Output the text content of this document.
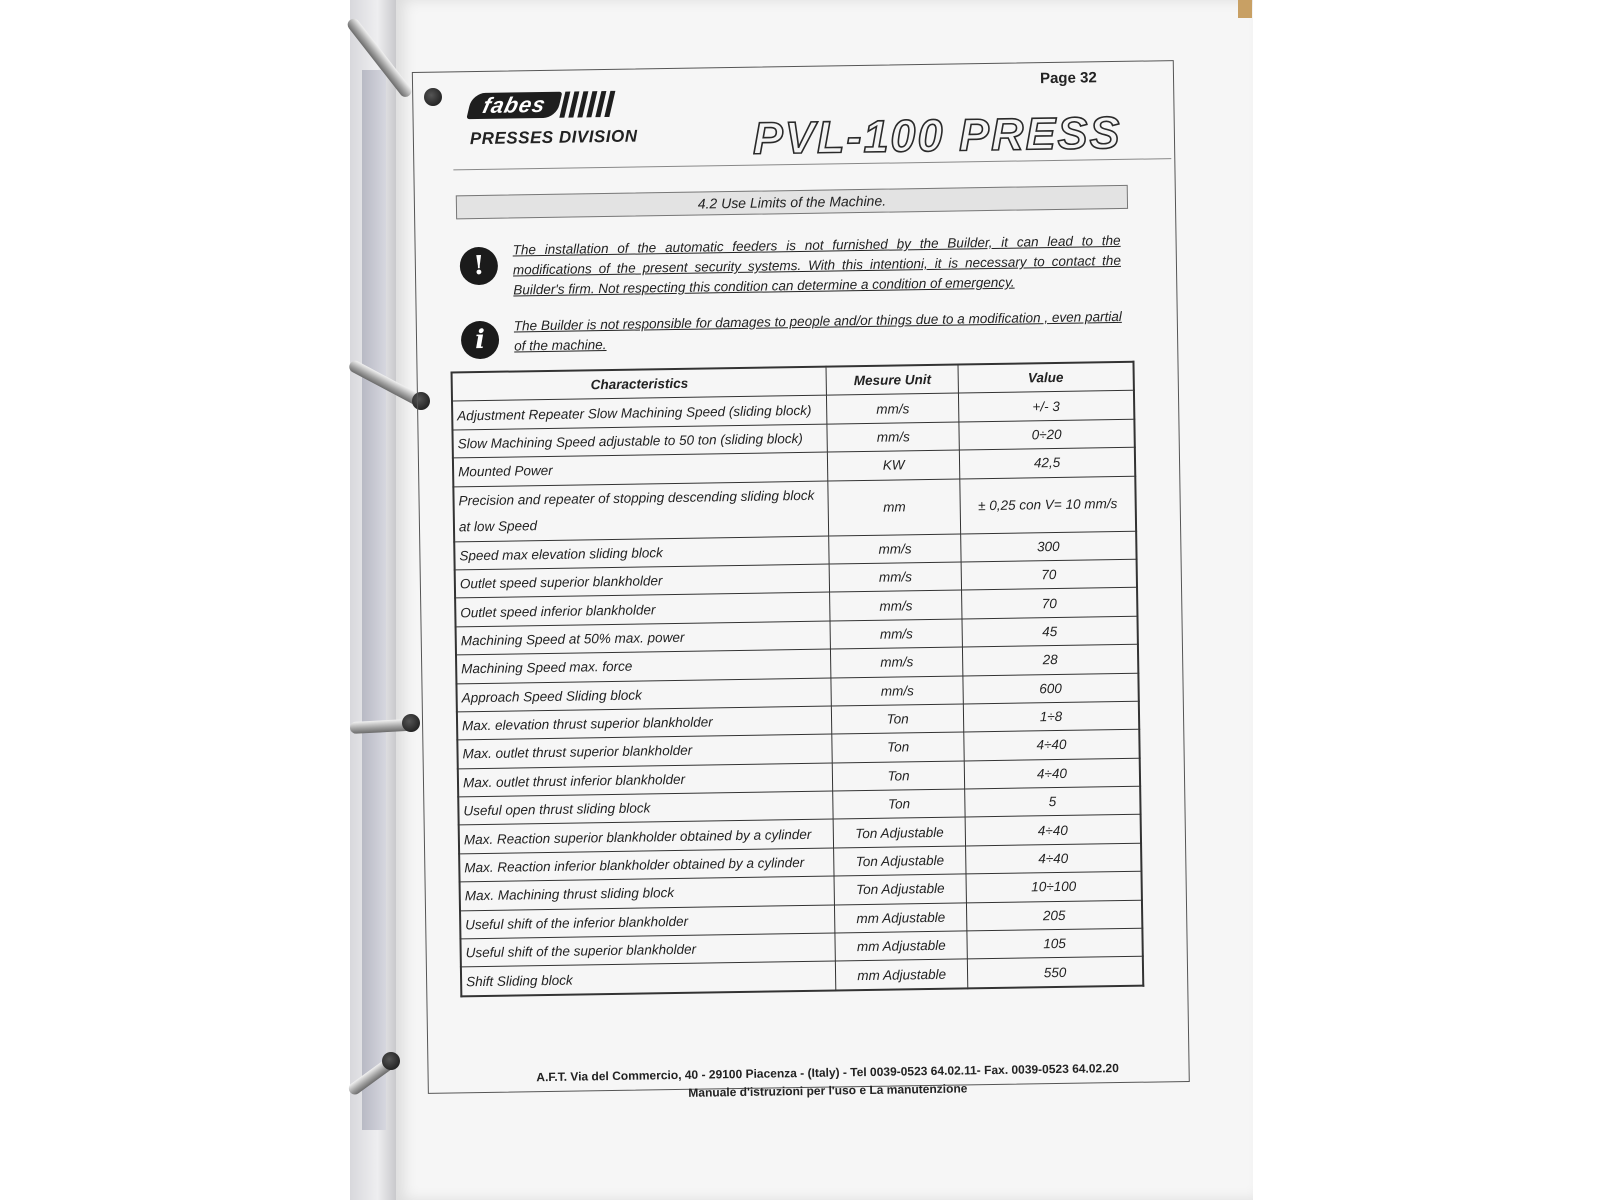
fabes
PRESSES DIVISION
Page 32
PVL-100 PRESS
4.2 Use Limits of the Machine.
!
The installation of the automatic feeders is not furnished by the Builder, it can lead to the modifications of the present security systems. With this intentioni, it is necessary to contact the Builder's firm. Not respecting this condition can determine a condition of emergency.
i
The Builder is not responsible for damages to people and/or things due to a modification , even partial of the machine.
Characteristics	Mesure Unit	Value
Adjustment Repeater Slow Machining Speed (sliding block)	mm/s	+/- 3
Slow Machining Speed adjustable to 50 ton (sliding block)	mm/s	0÷20
Mounted Power	KW	42,5
Precision and repeater of stopping descending sliding block at low Speed	mm	± 0,25 con V= 10 mm/s
Speed max elevation sliding block	mm/s	300
Outlet speed superior blankholder	mm/s	70
Outlet speed inferior blankholder	mm/s	70
Machining Speed at 50% max. power	mm/s	45
Machining Speed max. force	mm/s	28
Approach Speed Sliding block	mm/s	600
Max. elevation thrust superior blankholder	Ton	1÷8
Max. outlet thrust superior blankholder	Ton	4÷40
Max. outlet thrust inferior blankholder	Ton	4÷40
Useful open thrust sliding block	Ton	5
Max. Reaction superior blankholder obtained by a cylinder	Ton Adjustable	4÷40
Max. Reaction inferior blankholder obtained by a cylinder	Ton Adjustable	4÷40
Max. Machining thrust sliding block	Ton Adjustable	10÷100
Useful shift of the inferior blankholder	mm Adjustable	205
Useful shift of the superior blankholder	mm Adjustable	105
Shift Sliding block	mm Adjustable	550
A.F.T. Via del Commercio, 40 - 29100 Piacenza - (Italy) - Tel 0039-0523 64.02.11- Fax. 0039-0523 64.02.20
Manuale d'istruzioni per l'uso e La manutenzione
